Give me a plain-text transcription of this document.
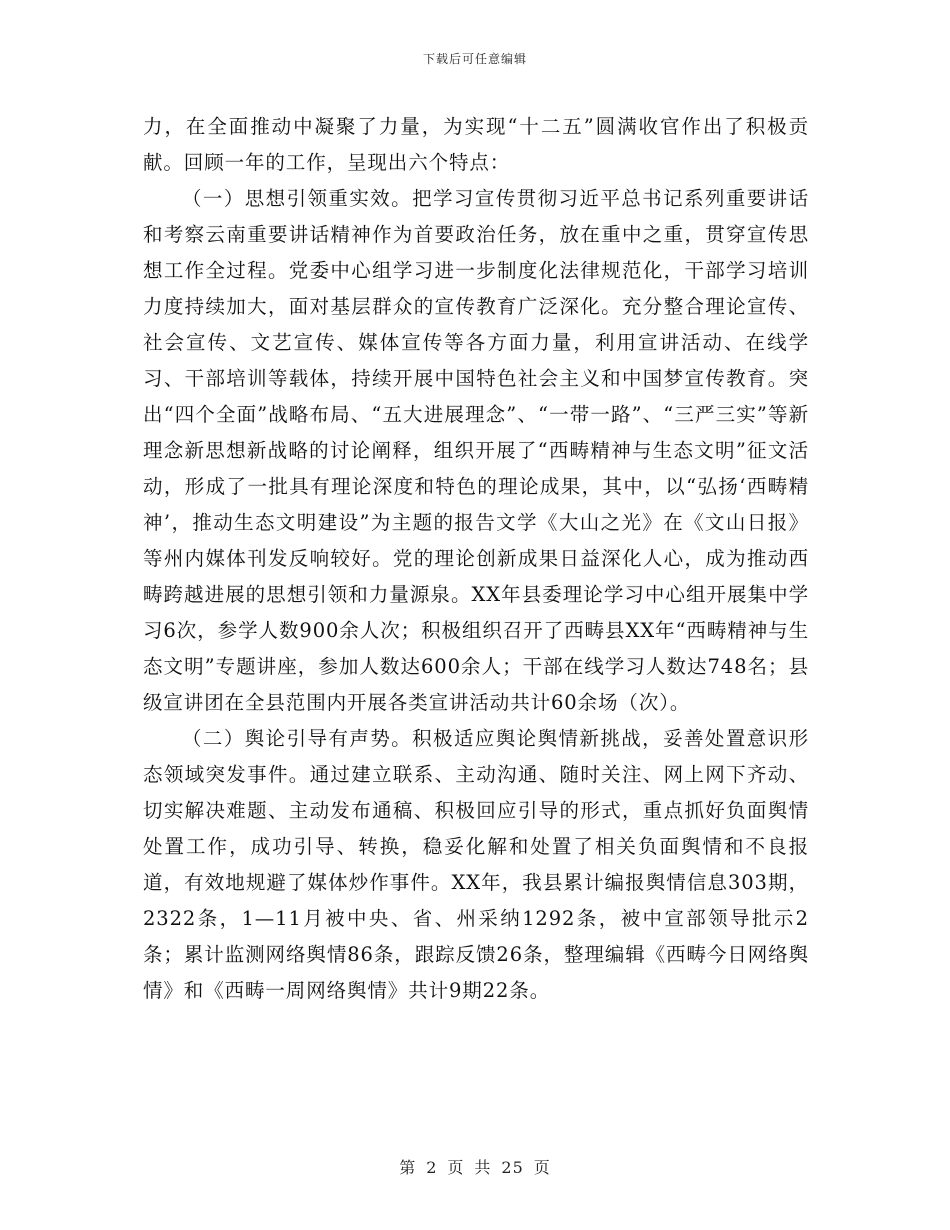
下载后可任意编辑

力，在全面推动中凝聚了力量，为实现“十二五”圆满收官作出了积极贡献。回顾一年的工作，呈现出六个特点：

（一）思想引领重实效。把学习宣传贯彻习近平总书记系列重要讲话和考察云南重要讲话精神作为首要政治任务，放在重中之重，贯穿宣传思想工作全过程。党委中心组学习进一步制度化法律规范化，干部学习培训力度持续加大，面对基层群众的宣传教育广泛深化。充分整合理论宣传、社会宣传、文艺宣传、媒体宣传等各方面力量，利用宣讲活动、在线学习、干部培训等载体，持续开展中国特色社会主义和中国梦宣传教育。突出“四个全面”战略布局、“五大进展理念”、“一带一路”、“三严三实”等新理念新思想新战略的讨论阐释，组织开展了“西畴精神与生态文明”征文活动，形成了一批具有理论深度和特色的理论成果，其中，以“弘扬‘西畴精神’，推动生态文明建设”为主题的报告文学《大山之光》在《文山日报》等州内媒体刊发反响较好。党的理论创新成果日益深化人心，成为推动西畴跨越进展的思想引领和力量源泉。XX年县委理论学习中心组开展集中学习6次，参学人数900余人次；积极组织召开了西畴县XX年“西畴精神与生态文明”专题讲座，参加人数达600余人；干部在线学习人数达748名；县级宣讲团在全县范围内开展各类宣讲活动共计60余场（次）。

（二）舆论引导有声势。积极适应舆论舆情新挑战，妥善处置意识形态领域突发事件。通过建立联系、主动沟通、随时关注、网上网下齐动、切实解决难题、主动发布通稿、积极回应引导的形式，重点抓好负面舆情处置工作，成功引导、转换，稳妥化解和处置了相关负面舆情和不良报道，有效地规避了媒体炒作事件。XX年，我县累计编报舆情信息303期，2322条，1—11月被中央、省、州采纳1292条，被中宣部领导批示2条；累计监测网络舆情86条，跟踪反馈26条，整理编辑《西畴今日网络舆情》和《西畴一周网络舆情》共计9期22条。

第 2 页 共 25 页
